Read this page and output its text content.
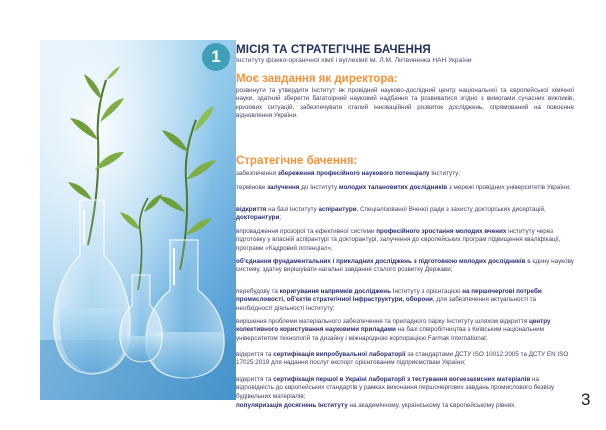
1	МІСІЯ ТА СТРАТЕГІЧНЕ БАЧЕННЯ
Інституту фізико-органічної хімії і вуглехімії ім. Л.М. Литвиненка НАН України
Моє завдання як директора:
розвинути та утвердити Інститут як провідний науково-дослідний центр національної та європейської хімічної науки, здатний зберегти багатоірний науковий надбання та розвиватися згідно з вимогами сучасних викликів, кризових ситуацій, забезпечувати сталий інноваційний розвиток досліджень, спрямований на повоєнне відновлення України.
Стратегічне бачення:
забезпечення збереження професійного наукового потенціалу Інституту;
термінове залучення до Інституту молодих талановитих дослідників з мережі провідних університетів України;
відкриття на базі Інституту аспірантури, Спеціалізованої Вченої ради з захисту докторських дисертацій, докторантури;
впровадження прозорої та ефективної системи професійного зростання молодих вчених інституту через підготовку у власній аспірантурі та докторантурі, залучення до європейських програм підвищення кваліфікації, програми «Кадровий потенціал»;
об'єднання фундаментальних і прикладних досліджень з підготовкою молодих дослідників в єдину наукову систему, здатну вирішувати нагальні завдання сталого розвитку Держави;
перебудову та коригування напрямків досліджень Інституту з орієнтацією на першочергові потреби промисловості, об'єктів стратегічної інфраструктури, оборони, для забезпечення актуальності та необхідності діяльності Інституту;
вирішення проблеми матеріального забезпечення та приладного парку Інституту шляхом відкриття центру колективного користування науковими приладами на базі співробітництва з Київським національним університетом технологій та дизайну і міжнародною корпорацією Farmak International;
відкриття та сертифікація випробувальної лабораторії за стандартами ДСТУ ISO 10012:2005 та ДСТУ EN ISO 17025:2019 для надання послуг експорт орієнтованим підприємствам України;
відкриття та сертифікація першої в Україні лабораторії з тестування вогнезахисних матеріалів на відповідність до європейських стандартів у рамках виконання першочергових завдань промислового безвізу будівельних матеріалів;
популяризація досягнень Інституту на академічному, українському та європейському рівнях.	3
